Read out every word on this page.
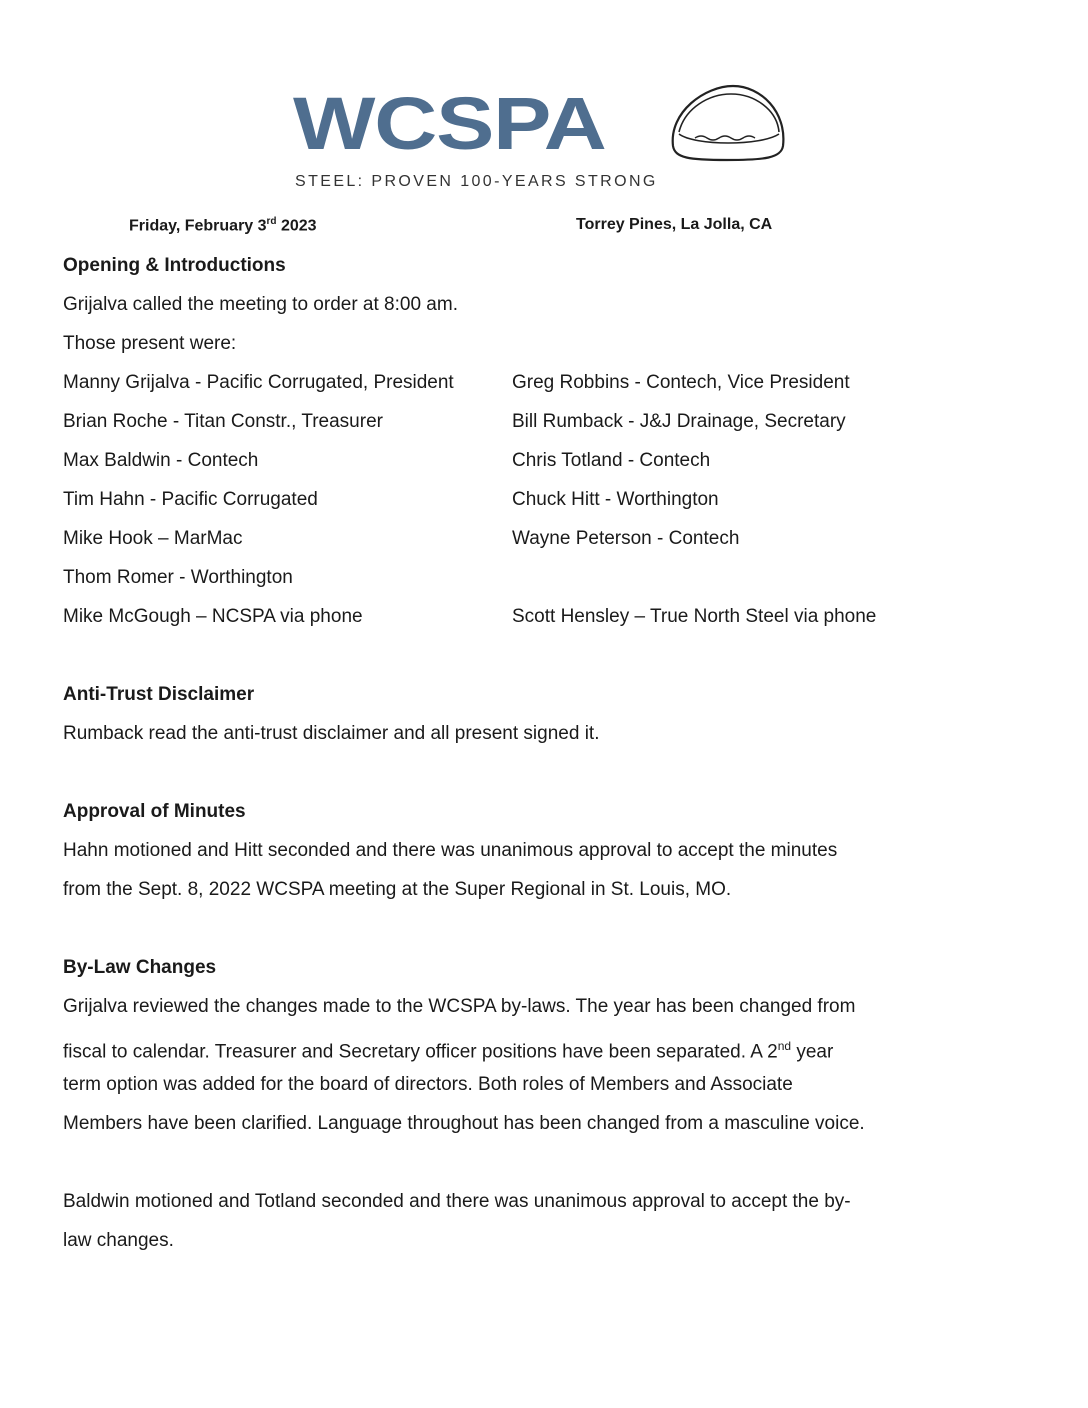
WCSPA
STEEL: PROVEN 100-YEARS STRONG
Friday, February 3rd 2023	Torrey Pines, La Jolla, CA
Opening & Introductions
Grijalva called the meeting to order at 8:00 am.
Those present were:
Manny Grijalva - Pacific Corrugated, President
Brian Roche - Titan Constr., Treasurer
Max Baldwin - Contech
Tim Hahn - Pacific Corrugated
Mike Hook – MarMac
Thom Romer - Worthington
Mike McGough – NCSPA via phone
Greg Robbins - Contech, Vice President
Bill Rumback - J&J Drainage, Secretary
Chris Totland - Contech
Chuck Hitt - Worthington
Wayne Peterson - Contech
Scott Hensley – True North Steel via phone
Anti-Trust Disclaimer
Rumback read the anti-trust disclaimer and all present signed it.
Approval of Minutes
Hahn motioned and Hitt seconded and there was unanimous approval to accept the minutes
from the Sept. 8, 2022 WCSPA meeting at the Super Regional in St. Louis, MO.
By-Law Changes
Grijalva reviewed the changes made to the WCSPA by-laws. The year has been changed from
fiscal to calendar. Treasurer and Secretary officer positions have been separated. A 2nd year
term option was added for the board of directors. Both roles of Members and Associate
Members have been clarified. Language throughout has been changed from a masculine voice.
Baldwin motioned and Totland seconded and there was unanimous approval to accept the by-
law changes.
